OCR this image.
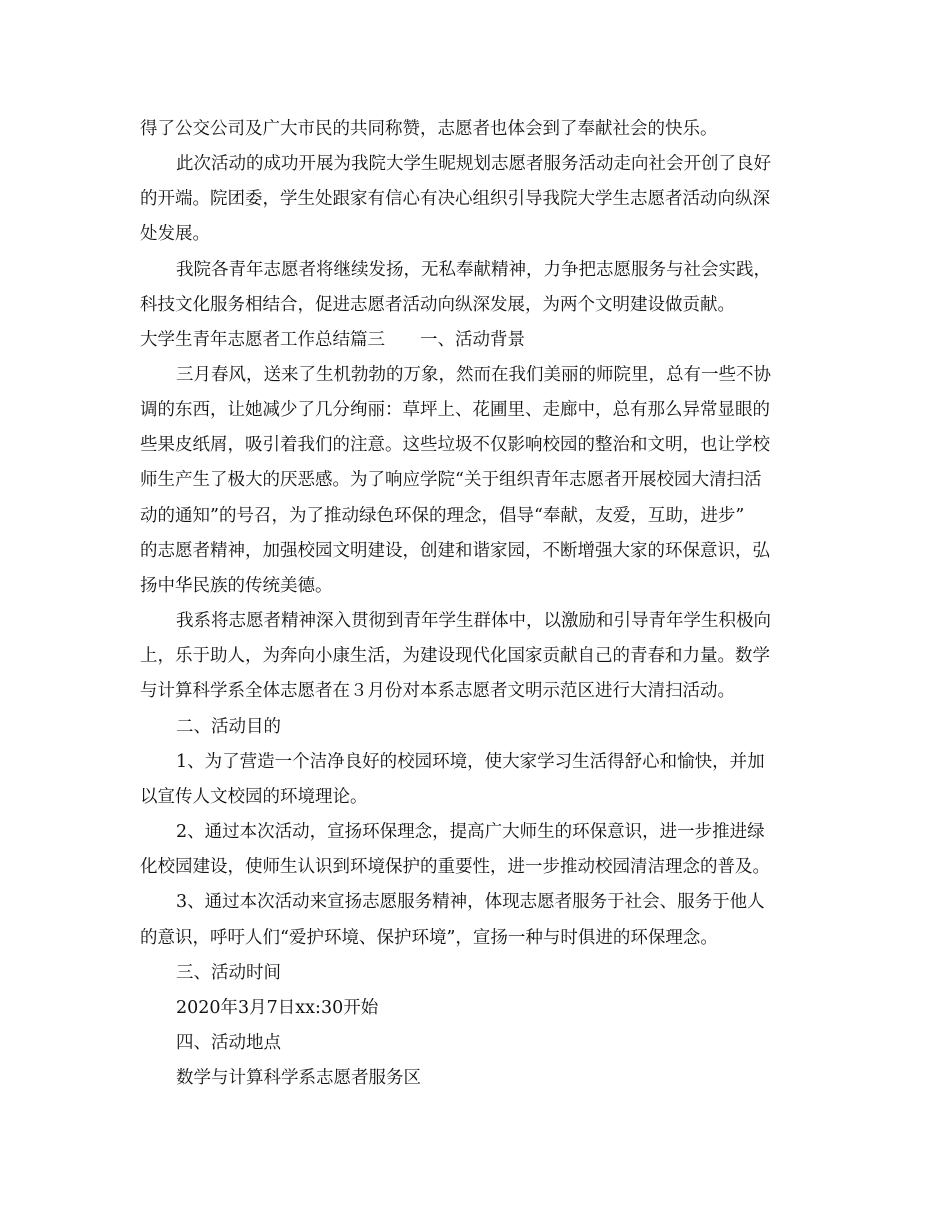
得了公交公司及广大市民的共同称赞，志愿者也体会到了奉献社会的快乐。
此次活动的成功开展为我院大学生昵规划志愿者服务活动走向社会开创了良好
的开端。院团委，学生处跟家有信心有决心组织引导我院大学生志愿者活动向纵深
处发展。
我院各青年志愿者将继续发扬，无私奉献精神，力争把志愿服务与社会实践，
科技文化服务相结合，促进志愿者活动向纵深发展，为两个文明建设做贡献。
大学生青年志愿者工作总结篇三　　一、活动背景
三月春风，送来了生机勃勃的万象，然而在我们美丽的师院里，总有一些不协
调的东西，让她减少了几分绚丽：草坪上、花圃里、走廊中，总有那么异常显眼的
些果皮纸屑，吸引着我们的注意。这些垃圾不仅影响校园的整治和文明，也让学校
师生产生了极大的厌恶感。为了响应学院“关于组织青年志愿者开展校园大清扫活
动的通知”的号召，为了推动绿色环保的理念，倡导“奉献，友爱，互助，进步”
的志愿者精神，加强校园文明建设，创建和谐家园，不断增强大家的环保意识，弘
扬中华民族的传统美德。
我系将志愿者精神深入贯彻到青年学生群体中，以激励和引导青年学生积极向
上，乐于助人，为奔向小康生活，为建设现代化国家贡献自己的青春和力量。数学
与计算科学系全体志愿者在３月份对本系志愿者文明示范区进行大清扫活动。
二、活动目的
1、为了营造一个洁净良好的校园环境，使大家学习生活得舒心和愉快，并加
以宣传人文校园的环境理论。
2、通过本次活动，宣扬环保理念，提高广大师生的环保意识，进一步推进绿
化校园建设，使师生认识到环境保护的重要性，进一步推动校园清洁理念的普及。
3、通过本次活动来宣扬志愿服务精神，体现志愿者服务于社会、服务于他人
的意识，呼吁人们“爱护环境、保护环境”，宣扬一种与时俱进的环保理念。
三、活动时间
2020年3月7日xx:30开始
四、活动地点
数学与计算科学系志愿者服务区
